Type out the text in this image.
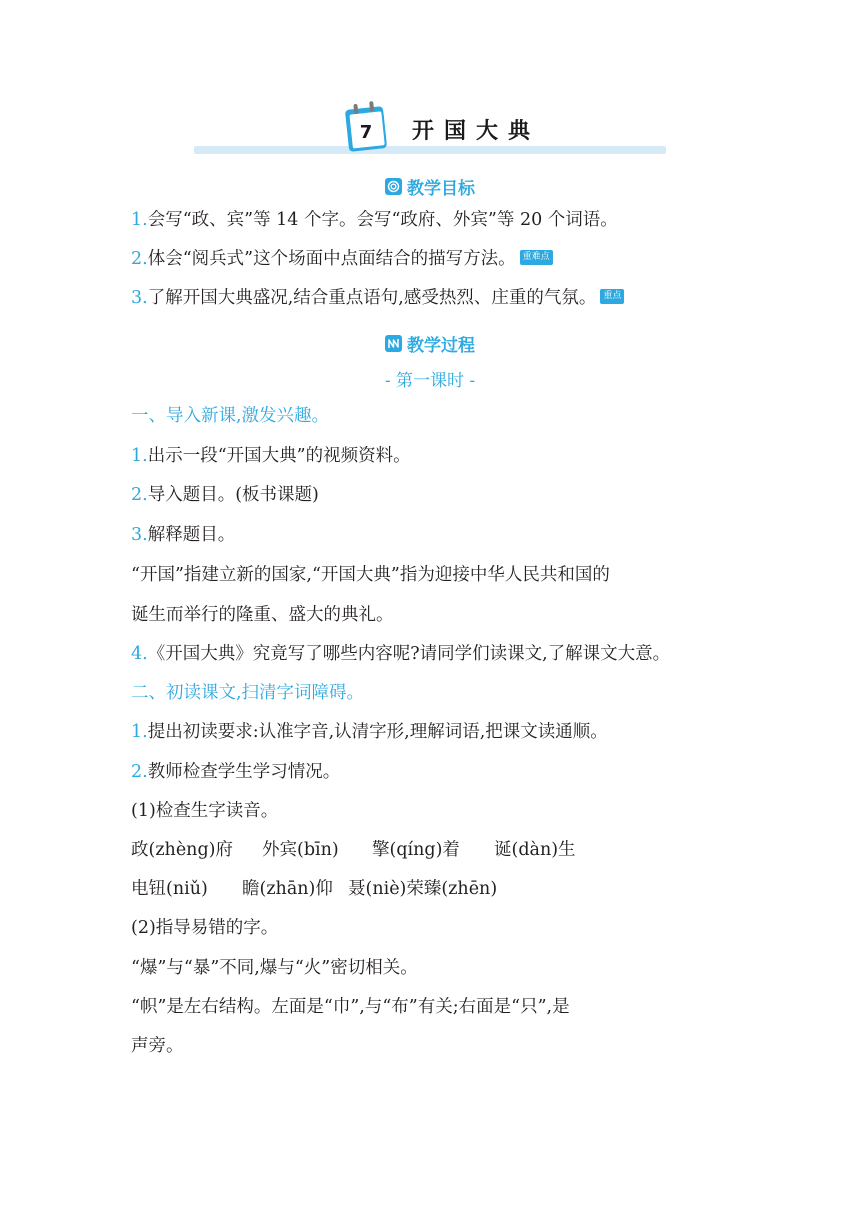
7 开国大典
教学目标
1.会写“政、宾”等 14 个字。会写“政府、外宾”等 20 个词语。
2.体会“阅兵式”这个场面中点面结合的描写方法。 重难点
3.了解开国大典盛况,结合重点语句,感受热烈、庄重的气氛。 重点
教学过程
- 第一课时 -
一、导入新课,激发兴趣。
1.出示一段“开国大典”的视频资料。
2.导入题目。(板书课题)
3.解释题目。
“开国”指建立新的国家,“开国大典”指为迎接中华人民共和国的
诞生而举行的隆重、盛大的典礼。
4.《开国大典》究竟写了哪些内容呢?请同学们读课文,了解课文大意。
二、初读课文,扫清字词障碍。
1.提出初读要求:认准字音,认清字形,理解词语,把课文读通顺。
2.教师检查学生学习情况。
(1)检查生字读音。
政(zhèng)府 外宾(bīn) 擎(qíng)着 诞(dàn)生
电钮(niǔ) 瞻(zhān)仰 聂(niè)荣臻(zhēn)
(2)指导易错的字。
“爆”与“暴”不同,爆与“火”密切相关。
“帜”是左右结构。左面是“巾”,与“布”有关;右面是“只”,是
声旁。
